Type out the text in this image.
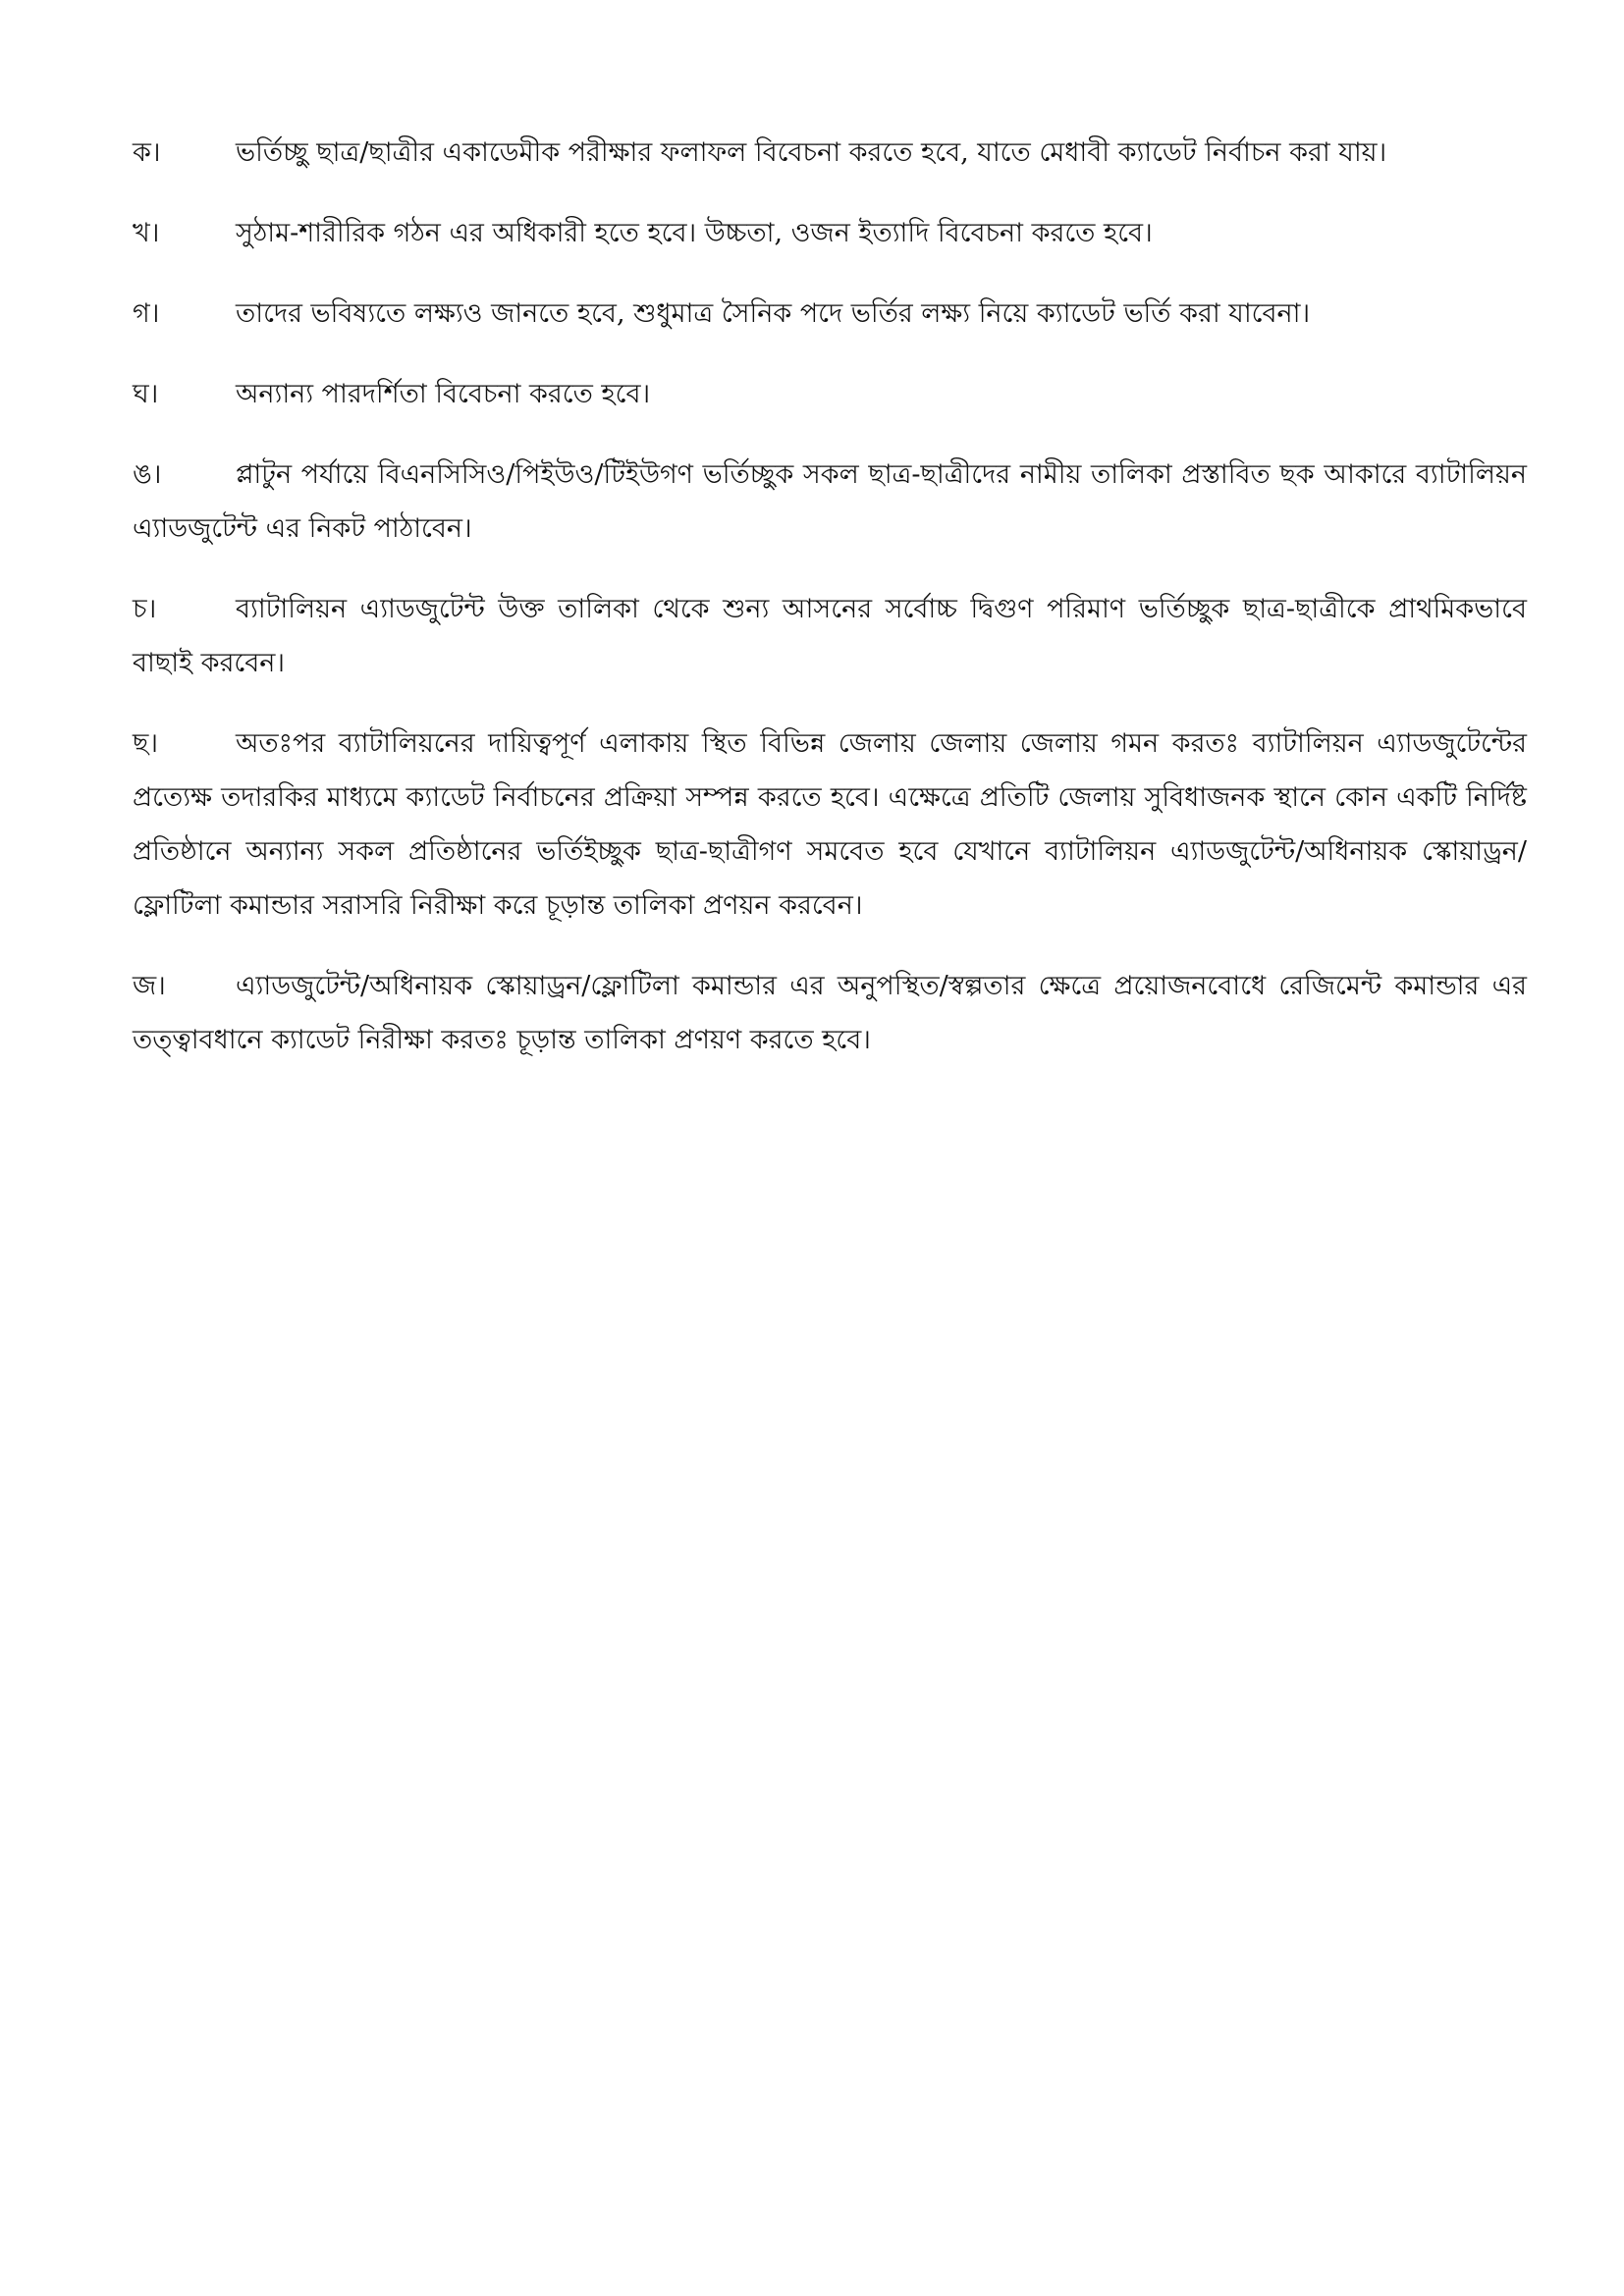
ক।	ভর্তিচ্ছু ছাত্র/ছাত্রীর একাডেমীক পরীক্ষার ফলাফল বিবেচনা করতে হবে, যাতে মেধাবী ক্যাডেট নির্বাচন করা যায়।

খ।	সুঠাম-শারীরিক গঠন এর অধিকারী হতে হবে। উচ্চতা, ওজন ইত্যাদি বিবেচনা করতে হবে।

গ।	তাদের ভবিষ্যতে লক্ষ্যও জানতে হবে, শুধুমাত্র সৈনিক পদে ভর্তির লক্ষ্য নিয়ে ক্যাডেট ভর্তি করা যাবেনা।

ঘ।	অন্যান্য পারদর্শিতা বিবেচনা করতে হবে।

ঙ।	প্লাটুন পর্যায়ে বিএনসিসিও/পিইউও/টিইউগণ ভর্তিচ্ছুক সকল ছাত্র-ছাত্রীদের নামীয় তালিকা প্রস্তাবিত ছক আকারে ব্যাটালিয়ন এ্যাডজুটেন্ট এর নিকট পাঠাবেন।

চ।	ব্যাটালিয়ন এ্যাডজুটেন্ট উক্ত তালিকা থেকে শুন্য আসনের সর্বোচ্চ দ্বিগুণ পরিমাণ ভর্তিচ্ছুক ছাত্র-ছাত্রীকে প্রাথমিকভাবে বাছাই করবেন।

ছ।	অতঃপর ব্যাটালিয়নের দায়িত্বপূর্ণ এলাকায় স্থিত বিভিন্ন জেলায় জেলায় জেলায় গমন করতঃ ব্যাটালিয়ন এ্যাডজুটেন্টের প্রত্যেক্ষ তদারকির মাধ্যমে ক্যাডেট নির্বাচনের প্রক্রিয়া সম্পন্ন করতে হবে। এক্ষেত্রে প্রতিটি জেলায় সুবিধাজনক স্থানে কোন একটি নির্দিষ্ট প্রতিষ্ঠানে অন্যান্য সকল প্রতিষ্ঠানের ভর্তিইচ্ছুক ছাত্র-ছাত্রীগণ সমবেত হবে যেখানে ব্যাটালিয়ন এ্যাডজুটেন্ট/অধিনায়ক স্কোয়াড্রন/ফ্লোটিলা কমান্ডার সরাসরি নিরীক্ষা করে চূড়ান্ত তালিকা প্রণয়ন করবেন।

জ।	এ্যাডজুটেন্ট/অধিনায়ক স্কোয়াড্রন/ফ্লোটিলা কমান্ডার এর অনুপস্থিত/স্বল্পতার ক্ষেত্রে প্রয়োজনবোধে রেজিমেন্ট কমান্ডার এর তত্ত্বাবধানে ক্যাডেট নিরীক্ষা করতঃ চূড়ান্ত তালিকা প্রণয়ণ করতে হবে।
